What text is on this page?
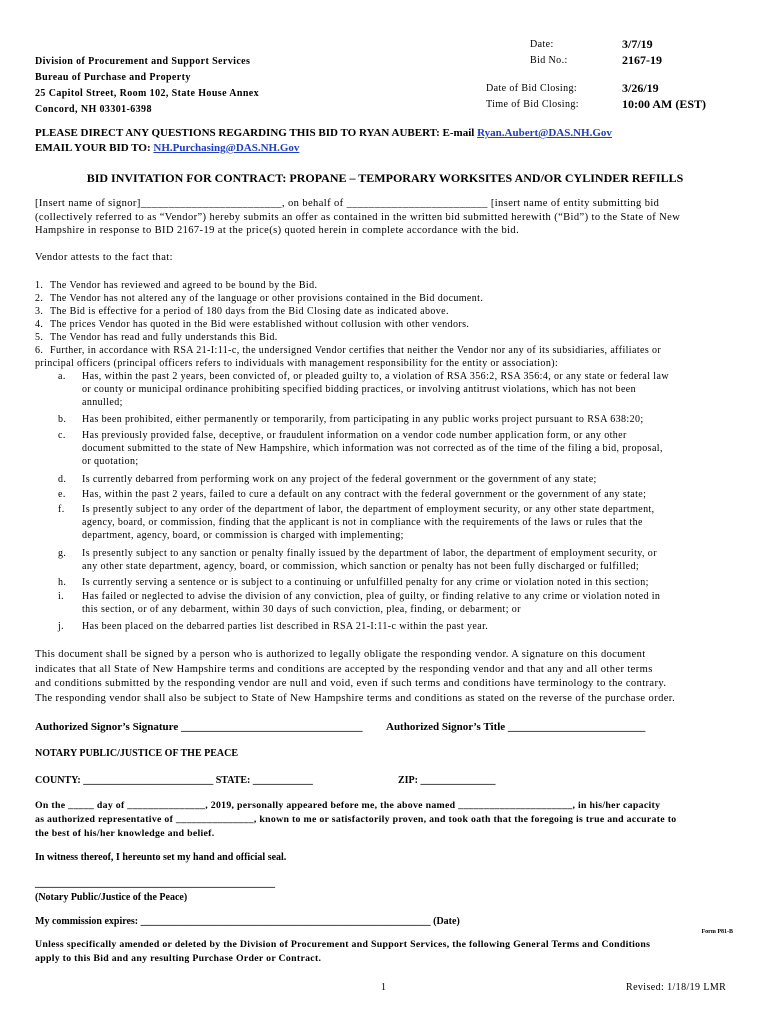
Division of Procurement and Support Services
Bureau of Purchase and Property
25 Capitol Street, Room 102, State House Annex
Concord, NH 03301-6398
Date:	3/7/19
Bid No.:	2167-19
Date of Bid Closing:	3/26/19
Time of Bid Closing:	10:00 AM (EST)
PLEASE DIRECT ANY QUESTIONS REGARDING THIS BID TO RYAN AUBERT: E-mail Ryan.Aubert@DAS.NH.Gov
EMAIL YOUR BID TO: NH.Purchasing@DAS.NH.Gov
BID INVITATION FOR CONTRACT: PROPANE – TEMPORARY WORKSITES AND/OR CYLINDER REFILLS
[Insert name of signor]_________________________, on behalf of _________________________ [insert name of entity submitting bid
(collectively referred to as “Vendor”) hereby submits an offer as contained in the written bid submitted herewith (“Bid”) to the State of New
Hampshire in response to BID 2167-19 at the price(s) quoted herein in complete accordance with the bid.
Vendor attests to the fact that:
1. The Vendor has reviewed and agreed to be bound by the Bid.
2. The Vendor has not altered any of the language or other provisions contained in the Bid document.
3. The Bid is effective for a period of 180 days from the Bid Closing date as indicated above.
4. The prices Vendor has quoted in the Bid were established without collusion with other vendors.
5. The Vendor has read and fully understands this Bid.
6. Further, in accordance with RSA 21-I:11-c, the undersigned Vendor certifies that neither the Vendor nor any of its subsidiaries, affiliates or
principal officers (principal officers refers to individuals with management responsibility for the entity or association):
a.	Has, within the past 2 years, been convicted of, or pleaded guilty to, a violation of RSA 356:2, RSA 356:4, or any state or federal law
or county or municipal ordinance prohibiting specified bidding practices, or involving antitrust violations, which has not been
annulled;
b.	Has been prohibited, either permanently or temporarily, from participating in any public works project pursuant to RSA 638:20;
c.	Has previously provided false, deceptive, or fraudulent information on a vendor code number application form, or any other
document submitted to the state of New Hampshire, which information was not corrected as of the time of the filing a bid, proposal,
or quotation;
d.	Is currently debarred from performing work on any project of the federal government or the government of any state;
e.	Has, within the past 2 years, failed to cure a default on any contract with the federal government or the government of any state;
f.	Is presently subject to any order of the department of labor, the department of employment security, or any other state department,
agency, board, or commission, finding that the applicant is not in compliance with the requirements of the laws or rules that the
department, agency, board, or commission is charged with implementing;
g.	Is presently subject to any sanction or penalty finally issued by the department of labor, the department of employment security, or
any other state department, agency, board, or commission, which sanction or penalty has not been fully discharged or fulfilled;
h.	Is currently serving a sentence or is subject to a continuing or unfulfilled penalty for any crime or violation noted in this section;
i.	Has failed or neglected to advise the division of any conviction, plea of guilty, or finding relative to any crime or violation noted in
this section, or of any debarment, within 30 days of such conviction, plea, finding, or debarment; or
j.	Has been placed on the debarred parties list described in RSA 21-I:11-c within the past year.
This document shall be signed by a person who is authorized to legally obligate the responding vendor. A signature on this document
indicates that all State of New Hampshire terms and conditions are accepted by the responding vendor and that any and all other terms
and conditions submitted by the responding vendor are null and void, even if such terms and conditions have terminology to the contrary.
The responding vendor shall also be subject to State of New Hampshire terms and conditions as stated on the reverse of the purchase order.
Authorized Signor’s Signature _________________________________ Authorized Signor’s Title _________________________
NOTARY PUBLIC/JUSTICE OF THE PEACE
COUNTY: __________________________ STATE: ____________	ZIP: _______________
On the _____ day of _______________, 2019, personally appeared before me, the above named ______________________, in his/her capacity
as authorized representative of _______________, known to me or satisfactorily proven, and took oath that the foregoing is true and accurate to
the best of his/her knowledge and belief.
In witness thereof, I hereunto set my hand and official seal.
________________________________________________
(Notary Public/Justice of the Peace)
My commission expires: __________________________________________________________ (Date)
Form P81-B
Unless specifically amended or deleted by the Division of Procurement and Support Services, the following General Terms and Conditions
apply to this Bid and any resulting Purchase Order or Contract.
1	Revised: 1/18/19 LMR
